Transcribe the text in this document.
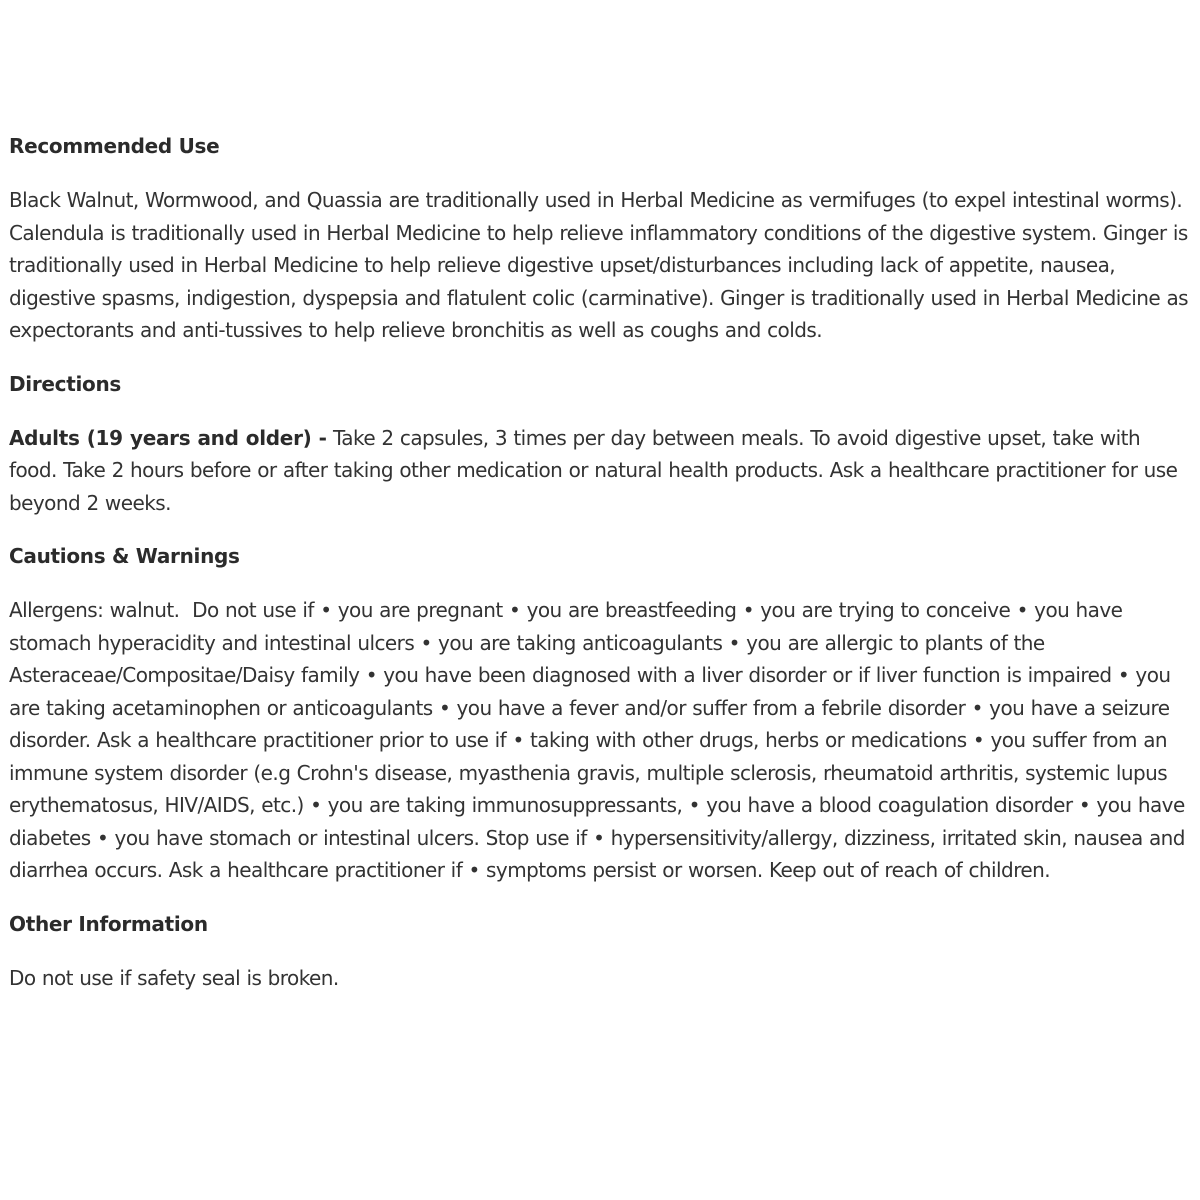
Recommended Use
Black Walnut, Wormwood, and Quassia are traditionally used in Herbal Medicine as vermifuges (to expel intestinal worms). Calendula is traditionally used in Herbal Medicine to help relieve inflammatory conditions of the digestive system. Ginger is traditionally used in Herbal Medicine to help relieve digestive upset/disturbances including lack of appetite, nausea, digestive spasms, indigestion, dyspepsia and flatulent colic (carminative). Ginger is traditionally used in Herbal Medicine as expectorants and anti-tussives to help relieve bronchitis as well as coughs and colds.
Directions
Adults (19 years and older) - Take 2 capsules, 3 times per day between meals. To avoid digestive upset, take with food. Take 2 hours before or after taking other medication or natural health products. Ask a healthcare practitioner for use beyond 2 weeks.
Cautions & Warnings
Allergens: walnut.  Do not use if • you are pregnant • you are breastfeeding • you are trying to conceive • you have stomach hyperacidity and intestinal ulcers • you are taking anticoagulants • you are allergic to plants of the Asteraceae/Compositae/Daisy family • you have been diagnosed with a liver disorder or if liver function is impaired • you are taking acetaminophen or anticoagulants • you have a fever and/or suffer from a febrile disorder • you have a seizure disorder. Ask a healthcare practitioner prior to use if • taking with other drugs, herbs or medications • you suffer from an immune system disorder (e.g Crohn's disease, myasthenia gravis, multiple sclerosis, rheumatoid arthritis, systemic lupus erythematosus, HIV/AIDS, etc.) • you are taking immunosuppressants, • you have a blood coagulation disorder • you have diabetes • you have stomach or intestinal ulcers. Stop use if • hypersensitivity/allergy, dizziness, irritated skin, nausea and diarrhea occurs. Ask a healthcare practitioner if • symptoms persist or worsen. Keep out of reach of children.
Other Information
Do not use if safety seal is broken.
